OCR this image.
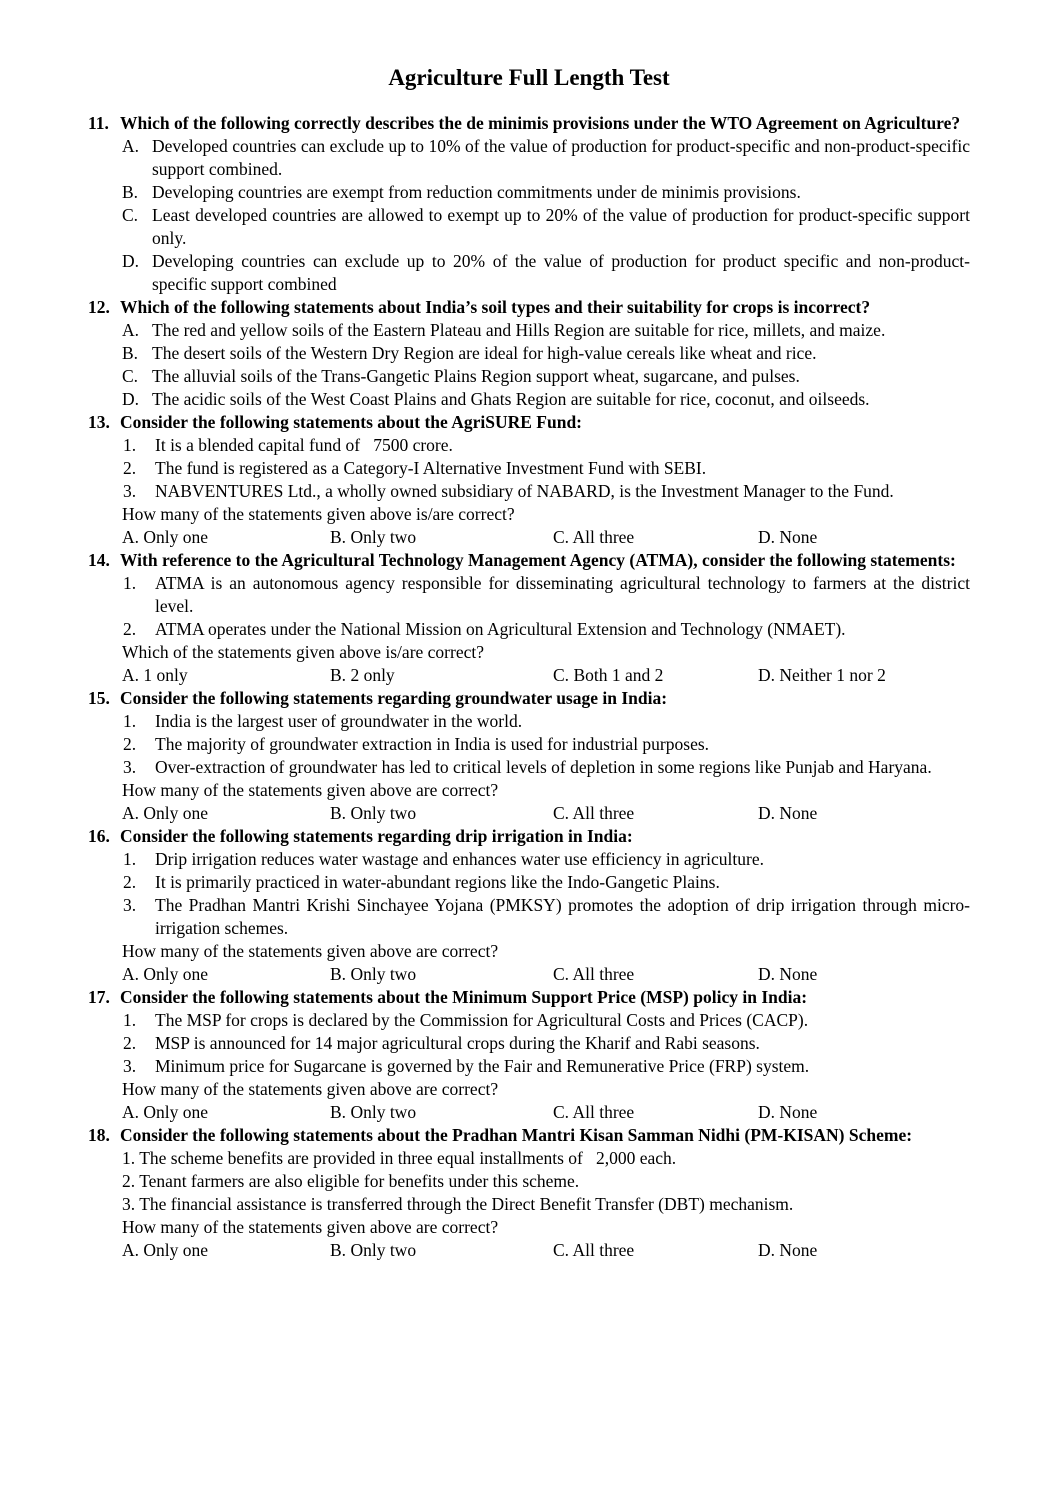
Agriculture Full Length Test
11. Which of the following correctly describes the de minimis provisions under the WTO Agreement on Agriculture?
A. Developed countries can exclude up to 10% of the value of production for product-specific and non-product-specific support combined.
B. Developing countries are exempt from reduction commitments under de minimis provisions.
C. Least developed countries are allowed to exempt up to 20% of the value of production for product-specific support only.
D. Developing countries can exclude up to 20% of the value of production for product specific and non-product-specific support combined
12. Which of the following statements about India’s soil types and their suitability for crops is incorrect?
A. The red and yellow soils of the Eastern Plateau and Hills Region are suitable for rice, millets, and maize.
B. The desert soils of the Western Dry Region are ideal for high-value cereals like wheat and rice.
C. The alluvial soils of the Trans-Gangetic Plains Region support wheat, sugarcane, and pulses.
D. The acidic soils of the West Coast Plains and Ghats Region are suitable for rice, coconut, and oilseeds.
13. Consider the following statements about the AgriSURE Fund:
1. It is a blended capital fund of   7500 crore.
2. The fund is registered as a Category-I Alternative Investment Fund with SEBI.
3. NABVENTURES Ltd., a wholly owned subsidiary of NABARD, is the Investment Manager to the Fund.
How many of the statements given above is/are correct?
A. Only one	B. Only two	C. All three	D. None
14. With reference to the Agricultural Technology Management Agency (ATMA), consider the following statements:
1. ATMA is an autonomous agency responsible for disseminating agricultural technology to farmers at the district level.
2. ATMA operates under the National Mission on Agricultural Extension and Technology (NMAET).
Which of the statements given above is/are correct?
A. 1 only	B. 2 only	C. Both 1 and 2	D. Neither 1 nor 2
15. Consider the following statements regarding groundwater usage in India:
1. India is the largest user of groundwater in the world.
2. The majority of groundwater extraction in India is used for industrial purposes.
3. Over-extraction of groundwater has led to critical levels of depletion in some regions like Punjab and Haryana.
How many of the statements given above are correct?
A. Only one	B. Only two	C. All three	D. None
16. Consider the following statements regarding drip irrigation in India:
1. Drip irrigation reduces water wastage and enhances water use efficiency in agriculture.
2. It is primarily practiced in water-abundant regions like the Indo-Gangetic Plains.
3. The Pradhan Mantri Krishi Sinchayee Yojana (PMKSY) promotes the adoption of drip irrigation through micro-irrigation schemes.
How many of the statements given above are correct?
A. Only one	B. Only two	C. All three	D. None
17. Consider the following statements about the Minimum Support Price (MSP) policy in India:
1. The MSP for crops is declared by the Commission for Agricultural Costs and Prices (CACP).
2. MSP is announced for 14 major agricultural crops during the Kharif and Rabi seasons.
3. Minimum price for Sugarcane is governed by the Fair and Remunerative Price (FRP) system.
How many of the statements given above are correct?
A. Only one	B. Only two	C. All three	D. None
18. Consider the following statements about the Pradhan Mantri Kisan Samman Nidhi (PM-KISAN) Scheme:
1. The scheme benefits are provided in three equal installments of   2,000 each.
2. Tenant farmers are also eligible for benefits under this scheme.
3. The financial assistance is transferred through the Direct Benefit Transfer (DBT) mechanism.
How many of the statements given above are correct?
A. Only one	B. Only two	C. All three	D. None
